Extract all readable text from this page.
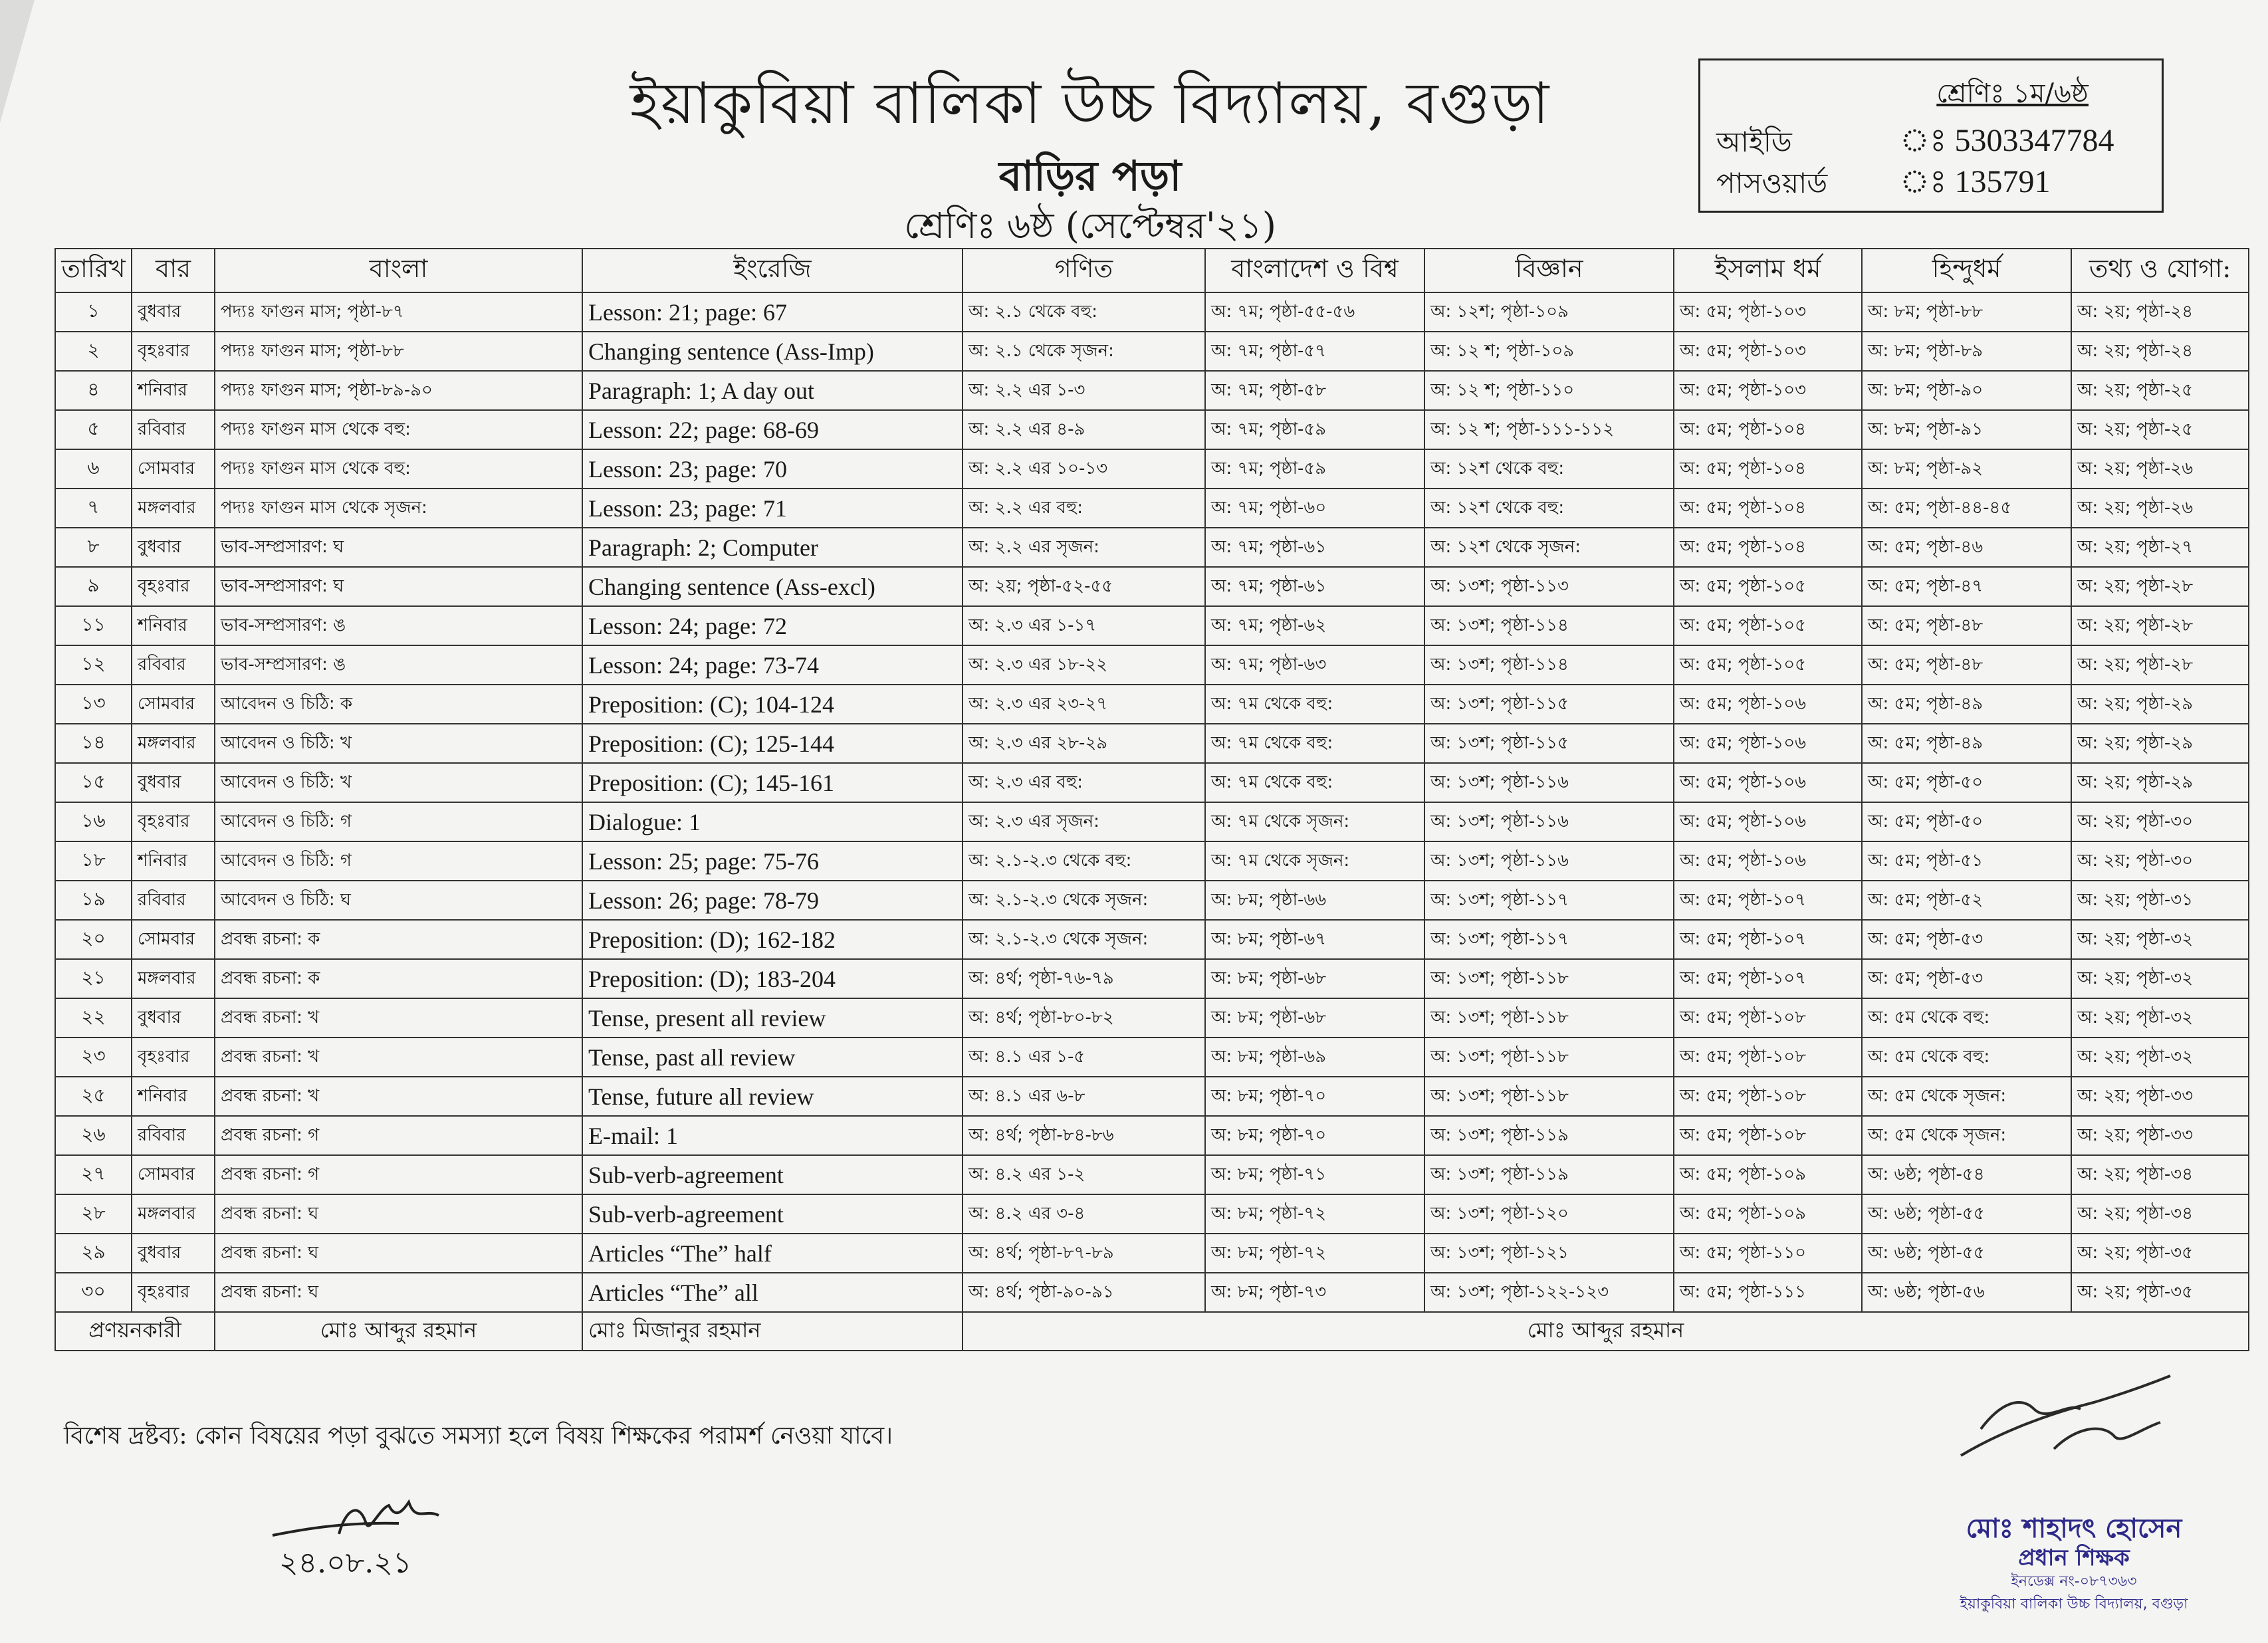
ইয়াকুবিয়া বালিকা উচ্চ বিদ্যালয়, বগুড়া
বাড়ির পড়া
শ্রেণিঃ ৬ষ্ঠ (সেপ্টেম্বর'২১)
শ্রেণিঃ ১ম/৬ষ্ঠ
আইডি	ঃ 5303347784
পাসওয়ার্ড ঃ 135791
তারিখ	বার	বাংলা	ইংরেজি	গণিত	বাংলাদেশ ও বিশ্ব	বিজ্ঞান	ইসলাম ধর্ম	হিন্দুধর্ম	তথ্য ও যোগা:
১	বুধবার	পদ্যঃ ফাগুন মাস; পৃষ্ঠা-৮৭	Lesson: 21; page: 67	অ: ২.১ থেকে বহু:	অ: ৭ম; পৃষ্ঠা-৫৫-৫৬	অ: ১২শ; পৃষ্ঠা-১০৯	অ: ৫ম; পৃষ্ঠা-১০৩	অ: ৮ম; পৃষ্ঠা-৮৮	অ: ২য়; পৃষ্ঠা-২৪
২	বৃহঃবার	পদ্যঃ ফাগুন মাস; পৃষ্ঠা-৮৮	Changing sentence (Ass-Imp)	অ: ২.১ থেকে সৃজন:	অ: ৭ম; পৃষ্ঠা-৫৭	অ: ১২ শ; পৃষ্ঠা-১০৯	অ: ৫ম; পৃষ্ঠা-১০৩	অ: ৮ম; পৃষ্ঠা-৮৯	অ: ২য়; পৃষ্ঠা-২৪
৪	শনিবার	পদ্যঃ ফাগুন মাস; পৃষ্ঠা-৮৯-৯০	Paragraph: 1; A day out	অ: ২.২ এর ১-৩	অ: ৭ম; পৃষ্ঠা-৫৮	অ: ১২ শ; পৃষ্ঠা-১১০	অ: ৫ম; পৃষ্ঠা-১০৩	অ: ৮ম; পৃষ্ঠা-৯০	অ: ২য়; পৃষ্ঠা-২৫
৫	রবিবার	পদ্যঃ ফাগুন মাস থেকে বহু:	Lesson: 22; page: 68-69	অ: ২.২ এর ৪-৯	অ: ৭ম; পৃষ্ঠা-৫৯	অ: ১২ শ; পৃষ্ঠা-১১১-১১২	অ: ৫ম; পৃষ্ঠা-১০৪	অ: ৮ম; পৃষ্ঠা-৯১	অ: ২য়; পৃষ্ঠা-২৫
৬	সোমবার	পদ্যঃ ফাগুন মাস থেকে বহু:	Lesson: 23; page: 70	অ: ২.২ এর ১০-১৩	অ: ৭ম; পৃষ্ঠা-৫৯	অ: ১২শ থেকে বহু:	অ: ৫ম; পৃষ্ঠা-১০৪	অ: ৮ম; পৃষ্ঠা-৯২	অ: ২য়; পৃষ্ঠা-২৬
৭	মঙ্গলবার	পদ্যঃ ফাগুন মাস থেকে সৃজন:	Lesson: 23; page: 71	অ: ২.২ এর বহু:	অ: ৭ম; পৃষ্ঠা-৬০	অ: ১২শ থেকে বহু:	অ: ৫ম; পৃষ্ঠা-১০৪	অ: ৫ম; পৃষ্ঠা-৪৪-৪৫	অ: ২য়; পৃষ্ঠা-২৬
৮	বুধবার	ভাব-সম্প্রসারণ: ঘ	Paragraph: 2; Computer	অ: ২.২ এর সৃজন:	অ: ৭ম; পৃষ্ঠা-৬১	অ: ১২শ থেকে সৃজন:	অ: ৫ম; পৃষ্ঠা-১০৪	অ: ৫ম; পৃষ্ঠা-৪৬	অ: ২য়; পৃষ্ঠা-২৭
৯	বৃহঃবার	ভাব-সম্প্রসারণ: ঘ	Changing sentence (Ass-excl)	অ: ২য়; পৃষ্ঠা-৫২-৫৫	অ: ৭ম; পৃষ্ঠা-৬১	অ: ১৩শ; পৃষ্ঠা-১১৩	অ: ৫ম; পৃষ্ঠা-১০৫	অ: ৫ম; পৃষ্ঠা-৪৭	অ: ২য়; পৃষ্ঠা-২৮
১১	শনিবার	ভাব-সম্প্রসারণ: ঙ	Lesson: 24; page: 72	অ: ২.৩ এর ১-১৭	অ: ৭ম; পৃষ্ঠা-৬২	অ: ১৩শ; পৃষ্ঠা-১১৪	অ: ৫ম; পৃষ্ঠা-১০৫	অ: ৫ম; পৃষ্ঠা-৪৮	অ: ২য়; পৃষ্ঠা-২৮
১২	রবিবার	ভাব-সম্প্রসারণ: ঙ	Lesson: 24; page: 73-74	অ: ২.৩ এর ১৮-২২	অ: ৭ম; পৃষ্ঠা-৬৩	অ: ১৩শ; পৃষ্ঠা-১১৪	অ: ৫ম; পৃষ্ঠা-১০৫	অ: ৫ম; পৃষ্ঠা-৪৮	অ: ২য়; পৃষ্ঠা-২৮
১৩	সোমবার	আবেদন ও চিঠি: ক	Preposition: (C); 104-124	অ: ২.৩ এর ২৩-২৭	অ: ৭ম থেকে বহু:	অ: ১৩শ; পৃষ্ঠা-১১৫	অ: ৫ম; পৃষ্ঠা-১০৬	অ: ৫ম; পৃষ্ঠা-৪৯	অ: ২য়; পৃষ্ঠা-২৯
১৪	মঙ্গলবার	আবেদন ও চিঠি: খ	Preposition: (C); 125-144	অ: ২.৩ এর ২৮-২৯	অ: ৭ম থেকে বহু:	অ: ১৩শ; পৃষ্ঠা-১১৫	অ: ৫ম; পৃষ্ঠা-১০৬	অ: ৫ম; পৃষ্ঠা-৪৯	অ: ২য়; পৃষ্ঠা-২৯
১৫	বুধবার	আবেদন ও চিঠি: খ	Preposition: (C); 145-161	অ: ২.৩ এর বহু:	অ: ৭ম থেকে বহু:	অ: ১৩শ; পৃষ্ঠা-১১৬	অ: ৫ম; পৃষ্ঠা-১০৬	অ: ৫ম; পৃষ্ঠা-৫০	অ: ২য়; পৃষ্ঠা-২৯
১৬	বৃহঃবার	আবেদন ও চিঠি: গ	Dialogue: 1	অ: ২.৩ এর সৃজন:	অ: ৭ম থেকে সৃজন:	অ: ১৩শ; পৃষ্ঠা-১১৬	অ: ৫ম; পৃষ্ঠা-১০৬	অ: ৫ম; পৃষ্ঠা-৫০	অ: ২য়; পৃষ্ঠা-৩০
১৮	শনিবার	আবেদন ও চিঠি: গ	Lesson: 25; page: 75-76	অ: ২.১-২.৩ থেকে বহু:	অ: ৭ম থেকে সৃজন:	অ: ১৩শ; পৃষ্ঠা-১১৬	অ: ৫ম; পৃষ্ঠা-১০৬	অ: ৫ম; পৃষ্ঠা-৫১	অ: ২য়; পৃষ্ঠা-৩০
১৯	রবিবার	আবেদন ও চিঠি: ঘ	Lesson: 26; page: 78-79	অ: ২.১-২.৩ থেকে সৃজন:	অ: ৮ম; পৃষ্ঠা-৬৬	অ: ১৩শ; পৃষ্ঠা-১১৭	অ: ৫ম; পৃষ্ঠা-১০৭	অ: ৫ম; পৃষ্ঠা-৫২	অ: ২য়; পৃষ্ঠা-৩১
২০	সোমবার	প্রবন্ধ রচনা: ক	Preposition: (D); 162-182	অ: ২.১-২.৩ থেকে সৃজন:	অ: ৮ম; পৃষ্ঠা-৬৭	অ: ১৩শ; পৃষ্ঠা-১১৭	অ: ৫ম; পৃষ্ঠা-১০৭	অ: ৫ম; পৃষ্ঠা-৫৩	অ: ২য়; পৃষ্ঠা-৩২
২১	মঙ্গলবার	প্রবন্ধ রচনা: ক	Preposition: (D); 183-204	অ: ৪র্থ; পৃষ্ঠা-৭৬-৭৯	অ: ৮ম; পৃষ্ঠা-৬৮	অ: ১৩শ; পৃষ্ঠা-১১৮	অ: ৫ম; পৃষ্ঠা-১০৭	অ: ৫ম; পৃষ্ঠা-৫৩	অ: ২য়; পৃষ্ঠা-৩২
২২	বুধবার	প্রবন্ধ রচনা: খ	Tense, present all review	অ: ৪র্থ; পৃষ্ঠা-৮০-৮২	অ: ৮ম; পৃষ্ঠা-৬৮	অ: ১৩শ; পৃষ্ঠা-১১৮	অ: ৫ম; পৃষ্ঠা-১০৮	অ: ৫ম থেকে বহু:	অ: ২য়; পৃষ্ঠা-৩২
২৩	বৃহঃবার	প্রবন্ধ রচনা: খ	Tense, past all review	অ: ৪.১ এর ১-৫	অ: ৮ম; পৃষ্ঠা-৬৯	অ: ১৩শ; পৃষ্ঠা-১১৮	অ: ৫ম; পৃষ্ঠা-১০৮	অ: ৫ম থেকে বহু:	অ: ২য়; পৃষ্ঠা-৩২
২৫	শনিবার	প্রবন্ধ রচনা: খ	Tense, future all review	অ: ৪.১ এর ৬-৮	অ: ৮ম; পৃষ্ঠা-৭০	অ: ১৩শ; পৃষ্ঠা-১১৮	অ: ৫ম; পৃষ্ঠা-১০৮	অ: ৫ম থেকে সৃজন:	অ: ২য়; পৃষ্ঠা-৩৩
২৬	রবিবার	প্রবন্ধ রচনা: গ	E-mail: 1	অ: ৪র্থ; পৃষ্ঠা-৮৪-৮৬	অ: ৮ম; পৃষ্ঠা-৭০	অ: ১৩শ; পৃষ্ঠা-১১৯	অ: ৫ম; পৃষ্ঠা-১০৮	অ: ৫ম থেকে সৃজন:	অ: ২য়; পৃষ্ঠা-৩৩
২৭	সোমবার	প্রবন্ধ রচনা: গ	Sub-verb-agreement	অ: ৪.২ এর ১-২	অ: ৮ম; পৃষ্ঠা-৭১	অ: ১৩শ; পৃষ্ঠা-১১৯	অ: ৫ম; পৃষ্ঠা-১০৯	অ: ৬ষ্ঠ; পৃষ্ঠা-৫৪	অ: ২য়; পৃষ্ঠা-৩৪
২৮	মঙ্গলবার	প্রবন্ধ রচনা: ঘ	Sub-verb-agreement	অ: ৪.২ এর ৩-৪	অ: ৮ম; পৃষ্ঠা-৭২	অ: ১৩শ; পৃষ্ঠা-১২০	অ: ৫ম; পৃষ্ঠা-১০৯	অ: ৬ষ্ঠ; পৃষ্ঠা-৫৫	অ: ২য়; পৃষ্ঠা-৩৪
২৯	বুধবার	প্রবন্ধ রচনা: ঘ	Articles “The” half	অ: ৪র্থ; পৃষ্ঠা-৮৭-৮৯	অ: ৮ম; পৃষ্ঠা-৭২	অ: ১৩শ; পৃষ্ঠা-১২১	অ: ৫ম; পৃষ্ঠা-১১০	অ: ৬ষ্ঠ; পৃষ্ঠা-৫৫	অ: ২য়; পৃষ্ঠা-৩৫
৩০	বৃহঃবার	প্রবন্ধ রচনা: ঘ	Articles “The” all	অ: ৪র্থ; পৃষ্ঠা-৯০-৯১	অ: ৮ম; পৃষ্ঠা-৭৩	অ: ১৩শ; পৃষ্ঠা-১২২-১২৩	অ: ৫ম; পৃষ্ঠা-১১১	অ: ৬ষ্ঠ; পৃষ্ঠা-৫৬	অ: ২য়; পৃষ্ঠা-৩৫
প্রণয়নকারী		মোঃ আব্দুর রহমান	মোঃ মিজানুর রহমান	মোঃ আব্দুর রহমান					
বিশেষ দ্রষ্টব্য: কোন বিষয়ের পড়া বুঝতে সমস্যা হলে বিষয় শিক্ষকের পরামর্শ নেওয়া যাবে।
২৪.০৮.২১
মোঃ শাহাদৎ হোসেন
প্রধান শিক্ষক
ইনডেক্স নং-০৮৭৩৬৩
ইয়াকুবিয়া বালিকা উচ্চ বিদ্যালয়, বগুড়া
